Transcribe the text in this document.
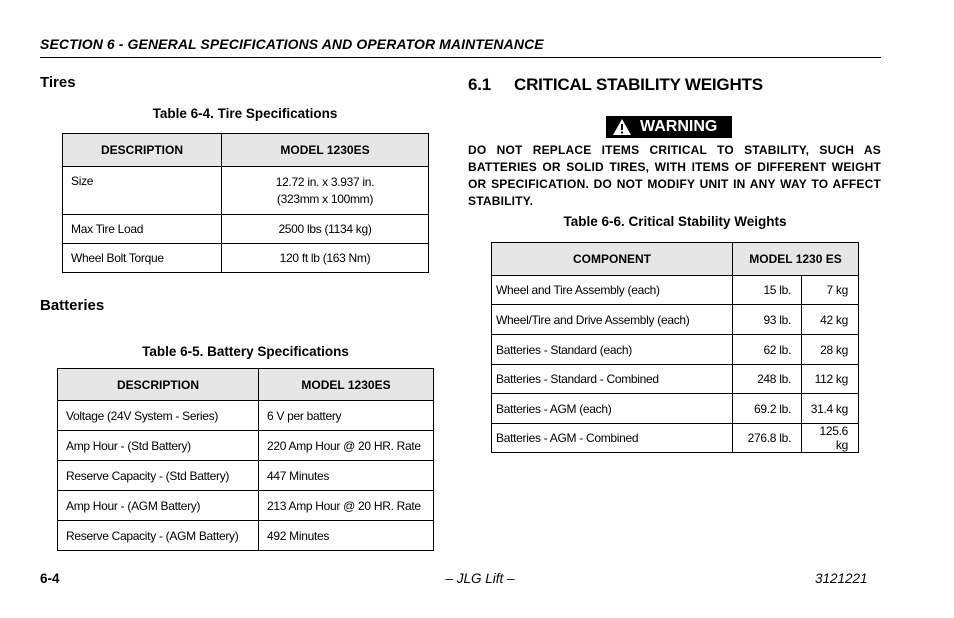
SECTION 6 - GENERAL SPECIFICATIONS AND OPERATOR MAINTENANCE
Tires
Table 6-4. Tire Specifications
DESCRIPTION	MODEL 1230ES
Size	12.72 in. x 3.937 in.
(323mm x 100mm)

Max Tire Load	2500 lbs (1134 kg)
Wheel Bolt Torque	120 ft lb (163 Nm)
Batteries
Table 6-5. Battery Specifications
DESCRIPTION	MODEL 1230ES
Voltage (24V System - Series)	6 V per battery
Amp Hour - (Std Battery)	220 Amp Hour @ 20 HR. Rate
Reserve Capacity - (Std Battery)	447 Minutes
Amp Hour - (AGM Battery)	213 Amp Hour @ 20 HR. Rate
Reserve Capacity - (AGM Battery)	492 Minutes
6.1 CRITICAL STABILITY WEIGHTS
WARNING
DO NOT REPLACE ITEMS CRITICAL TO STABILITY, SUCH AS BATTERIES OR SOLID TIRES, WITH ITEMS OF DIFFERENT WEIGHT OR SPECIFICATION. DO NOT MODIFY UNIT IN ANY WAY TO AFFECT STABILITY.
Table 6-6. Critical Stability Weights
COMPONENT	MODEL 1230 ES	
Wheel and Tire Assembly (each)	15 lb.	7 kg
Wheel/Tire and Drive Assembly (each)	93 lb.	42 kg
Batteries - Standard (each)	62 lb.	28 kg
Batteries - Standard - Combined	248 lb.	112 kg
Batteries - AGM (each)	69.2 lb.	31.4 kg
Batteries - AGM - Combined	276.8 lb.	125.6 kg
6-4	– JLG Lift –	3121221
